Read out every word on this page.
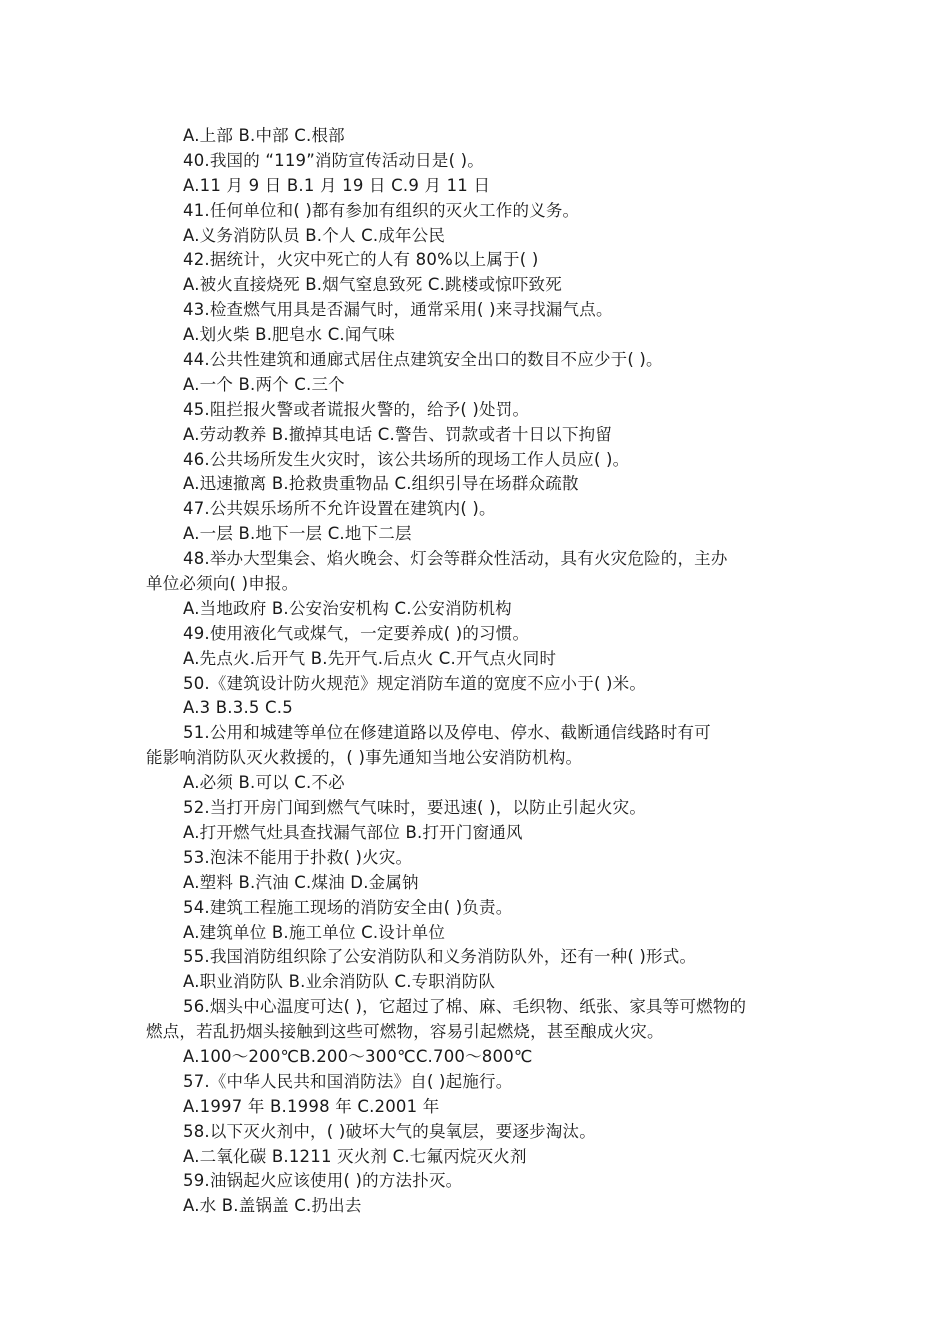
A.上部 B.中部 C.根部
40.我国的 “119”消防宣传活动日是( )。
A.11 月 9 日 B.1 月 19 日 C.9 月 11 日
41.任何单位和( )都有参加有组织的灭火工作的义务。
A.义务消防队员 B.个人 C.成年公民
42.据统计，火灾中死亡的人有 80%以上属于( )
A.被火直接烧死 B.烟气窒息致死 C.跳楼或惊吓致死
43.检查燃气用具是否漏气时，通常采用( )来寻找漏气点。
A.划火柴 B.肥皂水 C.闻气味
44.公共性建筑和通廊式居住点建筑安全出口的数目不应少于( )。
A.一个 B.两个 C.三个
45.阻拦报火警或者谎报火警的，给予( )处罚。
A.劳动教养 B.撤掉其电话 C.警告、罚款或者十日以下拘留
46.公共场所发生火灾时，该公共场所的现场工作人员应( )。
A.迅速撤离 B.抢救贵重物品 C.组织引导在场群众疏散
47.公共娱乐场所不允许设置在建筑内( )。
A.一层 B.地下一层 C.地下二层
48.举办大型集会、焰火晚会、灯会等群众性活动，具有火灾危险的，主办
单位必须向( )申报。
A.当地政府 B.公安治安机构 C.公安消防机构
49.使用液化气或煤气，一定要养成( )的习惯。
A.先点火.后开气 B.先开气.后点火 C.开气点火同时
50.《建筑设计防火规范》规定消防车道的宽度不应小于( )米。
A.3 B.3.5 C.5
51.公用和城建等单位在修建道路以及停电、停水、截断通信线路时有可
能影响消防队灭火救援的，( )事先通知当地公安消防机构。
A.必须 B.可以 C.不必
52.当打开房门闻到燃气气味时，要迅速( )，以防止引起火灾。
A.打开燃气灶具查找漏气部位 B.打开门窗通风
53.泡沫不能用于扑救( )火灾。
A.塑料 B.汽油 C.煤油 D.金属钠
54.建筑工程施工现场的消防安全由( )负责。
A.建筑单位 B.施工单位 C.设计单位
55.我国消防组织除了公安消防队和义务消防队外，还有一种( )形式。
A.职业消防队 B.业余消防队 C.专职消防队
56.烟头中心温度可达( )，它超过了棉、麻、毛织物、纸张、家具等可燃物的
燃点，若乱扔烟头接触到这些可燃物，容易引起燃烧，甚至酿成火灾。
A.100～200℃B.200～300℃C.700～800℃
57.《中华人民共和国消防法》自( )起施行。
A.1997 年 B.1998 年 C.2001 年
58.以下灭火剂中，( )破坏大气的臭氧层，要逐步淘汰。
A.二氧化碳 B.1211 灭火剂 C.七氟丙烷灭火剂
59.油锅起火应该使用( )的方法扑灭。
A.水 B.盖锅盖 C.扔出去
